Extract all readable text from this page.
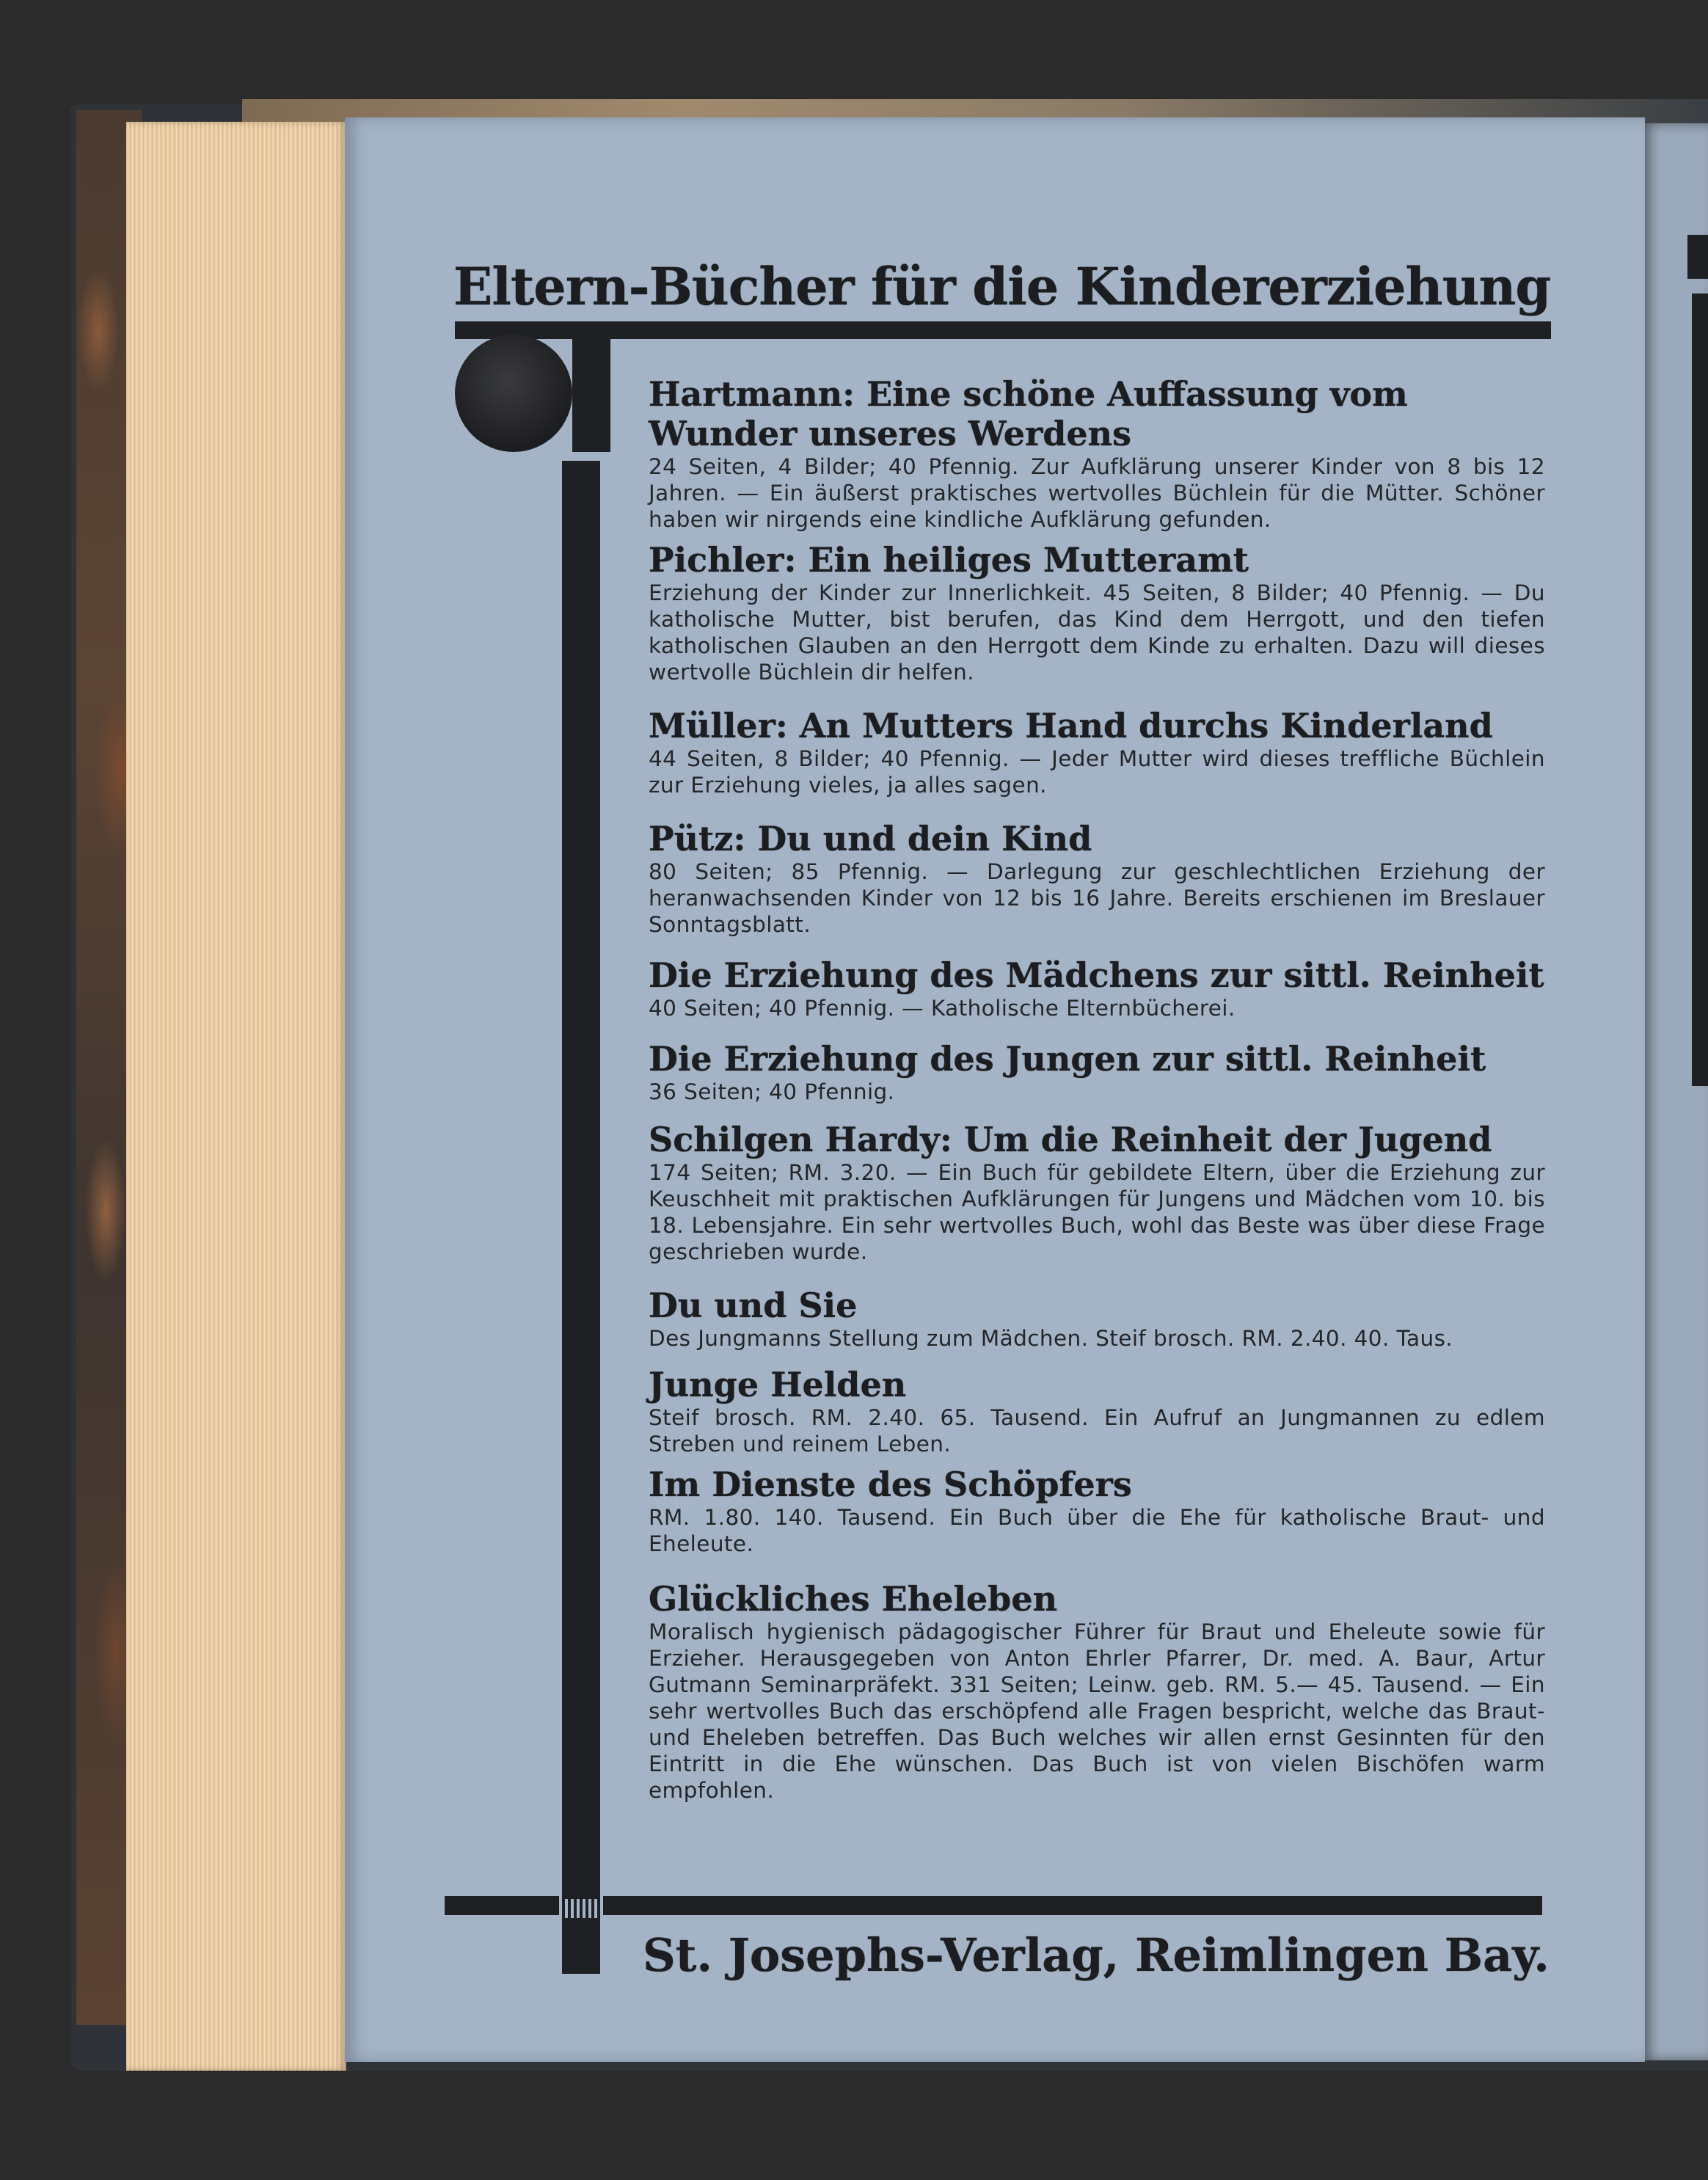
Eltern-Bücher für die Kindererziehung
Hartmann: Eine schöne Auffassung vom Wunder unseres Werdens
24 Seiten, 4 Bilder; 40 Pfennig. Zur Aufklärung unserer Kinder von 8 bis 12 Jahren. — Ein äußerst praktisches wertvolles Büchlein für die Mütter. Schöner haben wir nirgends eine kindliche Aufklärung gefunden.
Pichler: Ein heiliges Mutteramt
Erziehung der Kinder zur Innerlichkeit. 45 Seiten, 8 Bilder; 40 Pfennig. — Du katholische Mutter, bist berufen, das Kind dem Herrgott, und den tiefen katholischen Glauben an den Herrgott dem Kinde zu erhalten. Dazu will dieses wertvolle Büchlein dir helfen.
Müller: An Mutters Hand durchs Kinderland
44 Seiten, 8 Bilder; 40 Pfennig. — Jeder Mutter wird dieses treffliche Büchlein zur Erziehung vieles, ja alles sagen.
Pütz: Du und dein Kind
80 Seiten; 85 Pfennig. — Darlegung zur geschlechtlichen Erziehung der heranwachsenden Kinder von 12 bis 16 Jahre. Bereits erschienen im Breslauer Sonntagsblatt.
Die Erziehung des Mädchens zur sittl. Reinheit
40 Seiten; 40 Pfennig. — Katholische Elternbücherei.
Die Erziehung des Jungen zur sittl. Reinheit
36 Seiten; 40 Pfennig.
Schilgen Hardy: Um die Reinheit der Jugend
174 Seiten; RM. 3.20. — Ein Buch für gebildete Eltern, über die Erziehung zur Keuschheit mit praktischen Aufklärungen für Jungens und Mädchen vom 10. bis 18. Lebensjahre. Ein sehr wertvolles Buch, wohl das Beste was über diese Frage geschrieben wurde.
Du und Sie
Des Jungmanns Stellung zum Mädchen. Steif brosch. RM. 2.40. 40. Taus.
Junge Helden
Steif brosch. RM. 2.40. 65. Tausend. Ein Aufruf an Jungmannen zu edlem Streben und reinem Leben.
Im Dienste des Schöpfers
RM. 1.80. 140. Tausend. Ein Buch über die Ehe für katholische Braut- und Eheleute.
Glückliches Eheleben
Moralisch hygienisch pädagogischer Führer für Braut und Eheleute sowie für Erzieher. Herausgegeben von Anton Ehrler Pfarrer, Dr. med. A. Baur, Artur Gutmann Seminarpräfekt. 331 Seiten; Leinw. geb. RM. 5.— 45. Tausend. — Ein sehr wertvolles Buch das erschöpfend alle Fragen bespricht, welche das Braut- und Eheleben betreffen. Das Buch welches wir allen ernst Gesinnten für den Eintritt in die Ehe wünschen. Das Buch ist von vielen Bischöfen warm empfohlen.
St. Josephs-Verlag, Reimlingen Bay.
